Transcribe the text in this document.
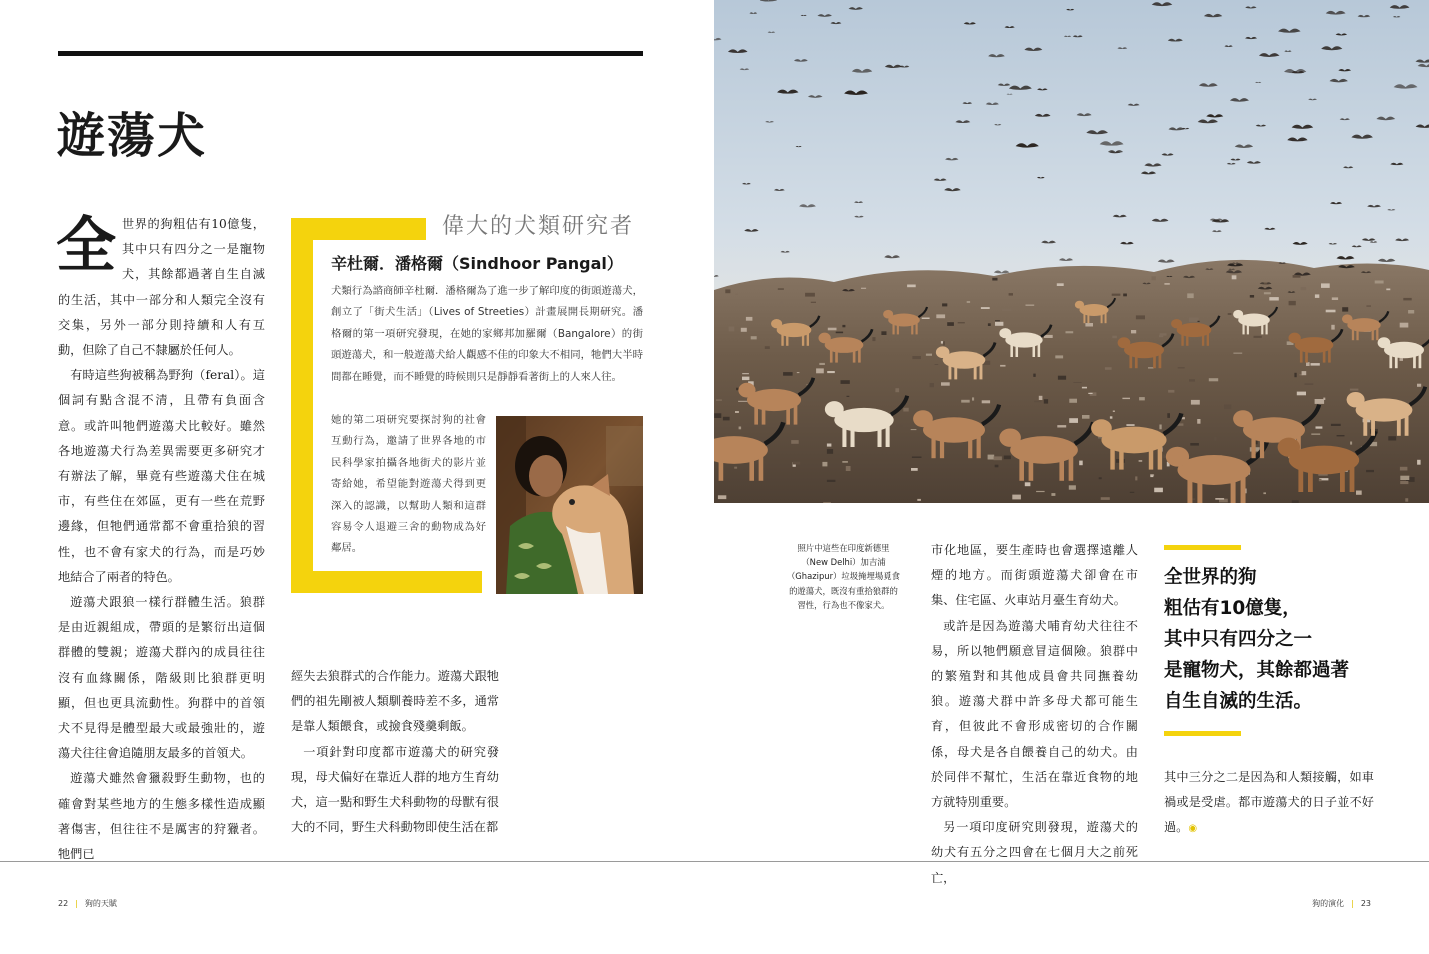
遊蕩犬
全 世界的狗粗估有10億隻，其中只有四分之一是寵物犬，其餘都過著自生自滅的生活，其中一部分和人類完全沒有交集，另外一部分則持續和人有互動，但除了自己不隸屬於任何人。

有時這些狗被稱為野狗（feral）。這個詞有點含混不清，且帶有負面含意。或許叫牠們遊蕩犬比較好。雖然各地遊蕩犬行為差異需要更多研究才有辦法了解，畢竟有些遊蕩犬住在城市，有些住在郊區，更有一些在荒野邊緣，但牠們通常都不會重拾狼的習性，也不會有家犬的行為，而是巧妙地結合了兩者的特色。

遊蕩犬跟狼一樣行群體生活。狼群是由近親組成，帶頭的是繁衍出這個群體的雙親；遊蕩犬群內的成員往往沒有血緣關係，階級則比狼群更明顯，但也更具流動性。狗群中的首領犬不見得是體型最大或最強壯的，遊蕩犬往往會追隨朋友最多的首領犬。

遊蕩犬雖然會獵殺野生動物，也的確會對某些地方的生態多樣性造成顯著傷害，但往往不是厲害的狩獵者。牠們已

偉大的犬類研究者
辛杜爾．潘格爾（Sindhoor Pangal）

犬類行為諮商師辛杜爾．潘格爾為了進一步了解印度的街頭遊蕩犬，創立了「街犬生活」（Lives of Streeties）計畫展開長期研究。潘格爾的第一項研究發現，在她的家鄉邦加羅爾（Bangalore）的街頭遊蕩犬，和一般遊蕩犬給人觀感不佳的印象大不相同，牠們大半時間都在睡覺，而不睡覺的時候則只是靜靜看著街上的人來人往。

她的第二項研究要探討狗的社會互動行為，邀請了世界各地的市民科學家拍攝各地街犬的影片並寄給她，希望能對遊蕩犬得到更深入的認識，以幫助人類和這群容易令人退避三舍的動物成為好鄰居。

經失去狼群式的合作能力。遊蕩犬跟牠們的祖先剛被人類馴養時差不多，通常是靠人類餵食，或撿食殘羹剩飯。

一項針對印度都市遊蕩犬的研究發現，母犬偏好在靠近人群的地方生育幼犬，這一點和野生犬科動物的母獸有很大的不同，野生犬科動物即使生活在都

照片中這些在印度新德里（New Delhi）加吉浦（Ghazipur）垃圾掩埋場覓食的遊蕩犬，既沒有重拾狼群的習性，行為也不像家犬。

市化地區，要生產時也會選擇遠離人煙的地方。而街頭遊蕩犬卻會在市集、住宅區、火車站月臺生育幼犬。

或許是因為遊蕩犬哺育幼犬往往不易，所以牠們願意冒這個險。狼群中的繁殖對和其他成員會共同撫養幼狼。遊蕩犬群中許多母犬都可能生育，但彼此不會形成密切的合作關係，母犬是各自餵養自己的幼犬。由於同伴不幫忙，生活在靠近食物的地方就特別重要。

另一項印度研究則發現，遊蕩犬的幼犬有五分之四會在七個月大之前死亡，

全世界的狗
粗估有10億隻，
其中只有四分之一
是寵物犬，其餘都過著
自生自滅的生活。

其中三分之二是因為和人類接觸，如車禍或是受虐。都市遊蕩犬的日子並不好過。◉

22 | 狗的天賦	狗的演化 | 23
